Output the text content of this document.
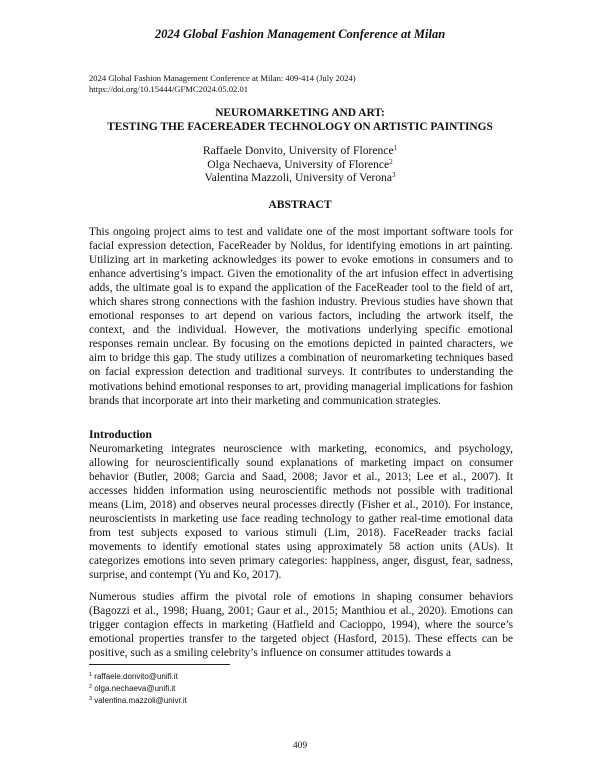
2024 Global Fashion Management Conference at Milan
2024 Global Fashion Management Conference at Milan: 409-414 (July 2024)
https://doi.org/10.15444/GFMC2024.05.02.01
NEUROMARKETING AND ART:
TESTING THE FACEREADER TECHNOLOGY ON ARTISTIC PAINTINGS
Raffaele Donvito, University of Florence$^1$
Olga Nechaeva, University of Florence$^2$
Valentina Mazzoli, University of Verona$^3$
ABSTRACT
This ongoing project aims to test and validate one of the most important software tools for facial expression detection, FaceReader by Noldus, for identifying emotions in art painting. Utilizing art in marketing acknowledges its power to evoke emotions in consumers and to enhance advertising’s impact. Given the emotionality of the art infusion effect in advertising adds, the ultimate goal is to expand the application of the FaceReader tool to the field of art, which shares strong connections with the fashion industry. Previous studies have shown that emotional responses to art depend on various factors, including the artwork itself, the context, and the individual. However, the motivations underlying specific emotional responses remain unclear. By focusing on the emotions depicted in painted characters, we aim to bridge this gap. The study utilizes a combination of neuromarketing techniques based on facial expression detection and traditional surveys. It contributes to understanding the motivations behind emotional responses to art, providing managerial implications for fashion brands that incorporate art into their marketing and communication strategies.
Introduction
Neuromarketing integrates neuroscience with marketing, economics, and psychology, allowing for neuroscientifically sound explanations of marketing impact on consumer behavior (Butler, 2008; Garcia and Saad, 2008; Javor et al., 2013; Lee et al., 2007). It accesses hidden information using neuroscientific methods not possible with traditional means (Lim, 2018) and observes neural processes directly (Fisher et al., 2010). For instance, neuroscientists in marketing use face reading technology to gather real-time emotional data from test subjects exposed to various stimuli (Lim, 2018). FaceReader tracks facial movements to identify emotional states using approximately 58 action units (AUs). It categorizes emotions into seven primary categories: happiness, anger, disgust, fear, sadness, surprise, and contempt (Yu and Ko, 2017).
Numerous studies affirm the pivotal role of emotions in shaping consumer behaviors (Bagozzi et al., 1998; Huang, 2001; Gaur et al., 2015; Manthiou et al., 2020). Emotions can trigger contagion effects in marketing (Hatfield and Cacioppo, 1994), where the source’s emotional properties transfer to the targeted object (Hasford, 2015). These effects can be positive, such as a smiling celebrity’s influence on consumer attitudes towards a
$^1$ raffaele.donvito@unifi.it
$^2$ olga.nechaeva@unifi.it
$^3$ valentina.mazzoli@univr.it
409
